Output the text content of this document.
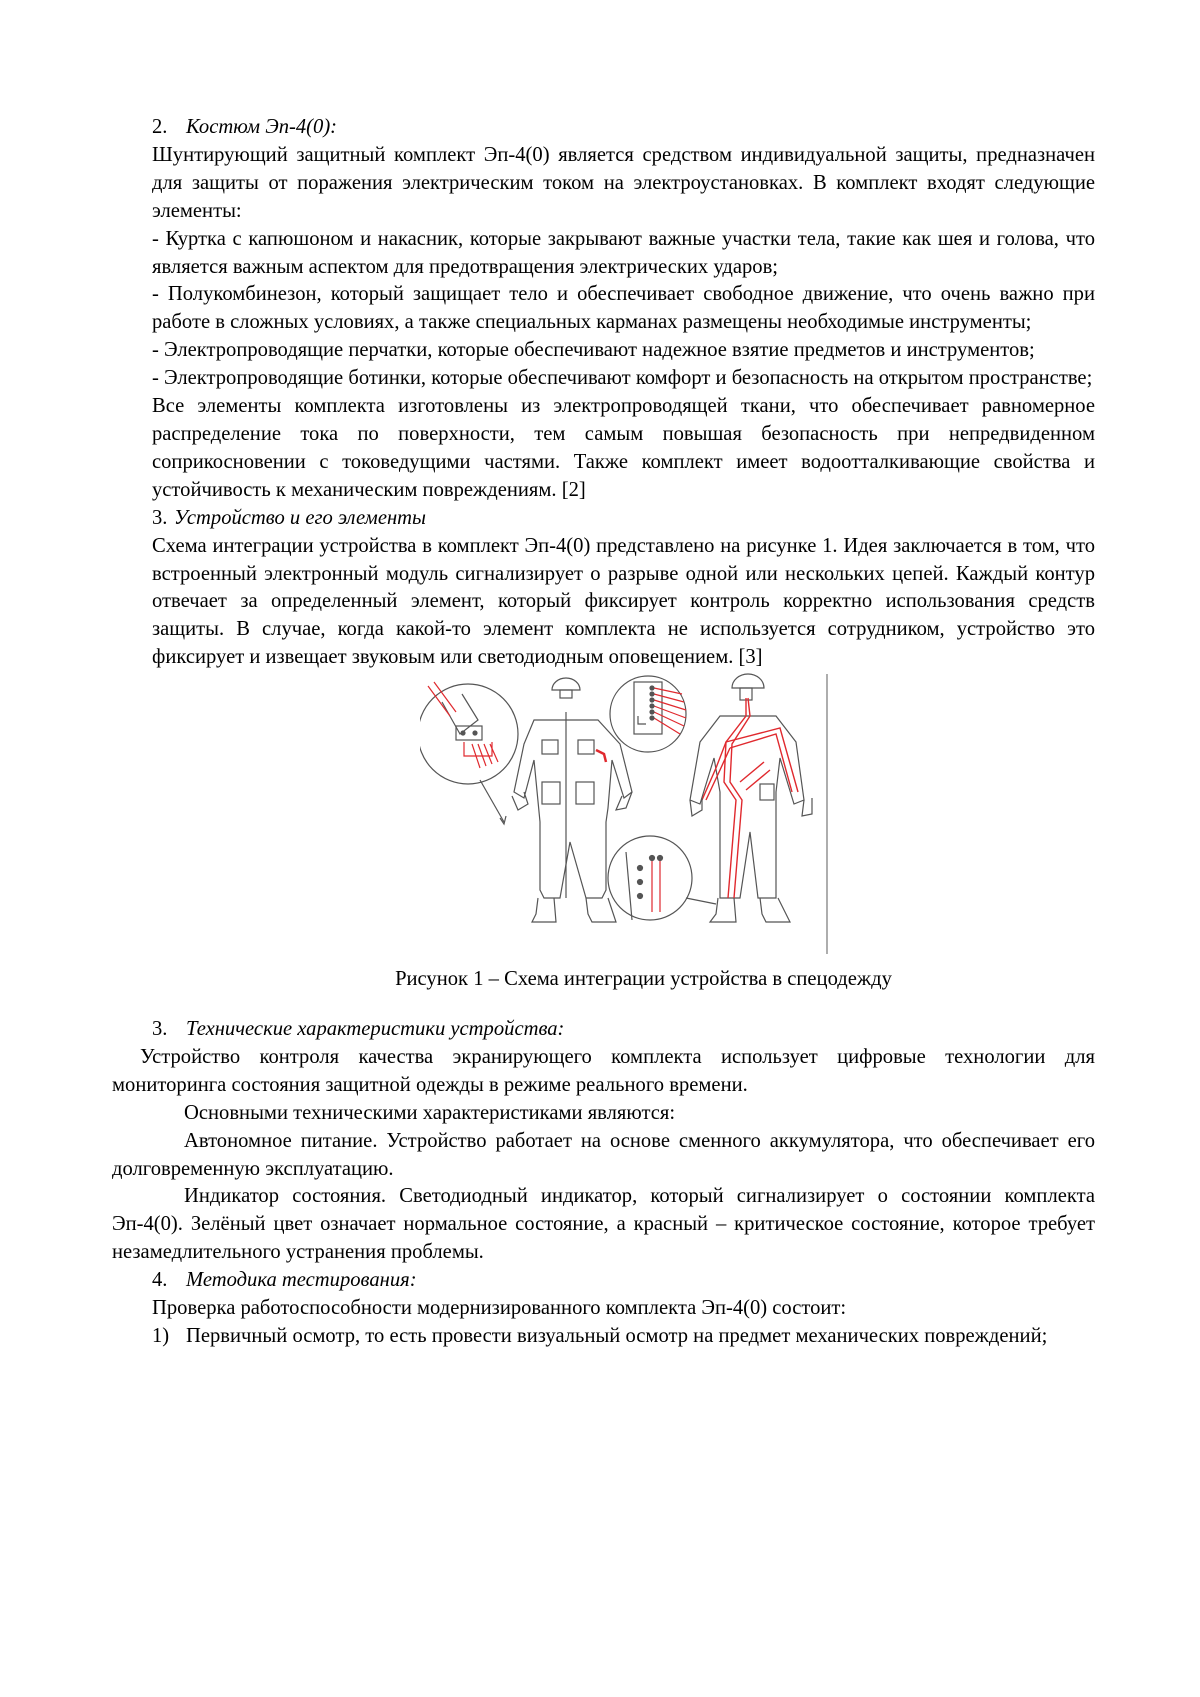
2. Костюм Эп-4(0):

Шунтирующий защитный комплект Эп-4(0) является средством индивидуальной защиты, предназначен для защиты от поражения электрическим током на электроустановках. В комплект входят следующие элементы:

- Куртка с капюшоном и накасник, которые закрывают важные участки тела, такие как шея и голова, что является важным аспектом для предотвращения электрических ударов;

- Полукомбинезон, который защищает тело и обеспечивает свободное движение, что очень важно при работе в сложных условиях, а также специальных карманах размещены необходимые инструменты;

- Электропроводящие перчатки, которые обеспечивают надежное взятие предметов и инструментов;

- Электропроводящие ботинки, которые обеспечивают комфорт и безопасность на открытом пространстве;

Все элементы комплекта изготовлены из электропроводящей ткани, что обеспечивает равномерное распределение тока по поверхности, тем самым повышая безопасность при непредвиденном соприкосновении с токоведущими частями. Также комплект имеет водоотталкивающие свойства и устойчивость к механическим повреждениям. [2]

3. Устройство и его элементы

Схема интеграции устройства в комплект Эп-4(0) представлено на рисунке 1. Идея заключается в том, что встроенный электронный модуль сигнализирует о разрыве одной или нескольких цепей. Каждый контур отвечает за определенный элемент, который фиксирует контроль корректно использования средств защиты. В случае, когда какой-то элемент комплекта не используется сотрудником, устройство это фиксирует и извещает звуковым или светодиодным оповещением. [3]

Рисунок 1 – Схема интеграции устройства в спецодежду

3. Технические характеристики устройства:

Устройство контроля качества экранирующего комплекта использует цифровые технологии для мониторинга состояния защитной одежды в режиме реального времени.

Основными техническими характеристиками являются:

Автономное питание. Устройство работает на основе сменного аккумулятора, что обеспечивает его долговременную эксплуатацию.

Индикатор состояния. Светодиодный индикатор, который сигнализирует о состоянии комплекта Эп-4(0). Зелёный цвет означает нормальное состояние, а красный – критическое состояние, которое требует незамедлительного устранения проблемы.

4. Методика тестирования:

Проверка работоспособности модернизированного комплекта Эп-4(0) состоит:

1) Первичный осмотр, то есть провести визуальный осмотр на предмет механических повреждений;
